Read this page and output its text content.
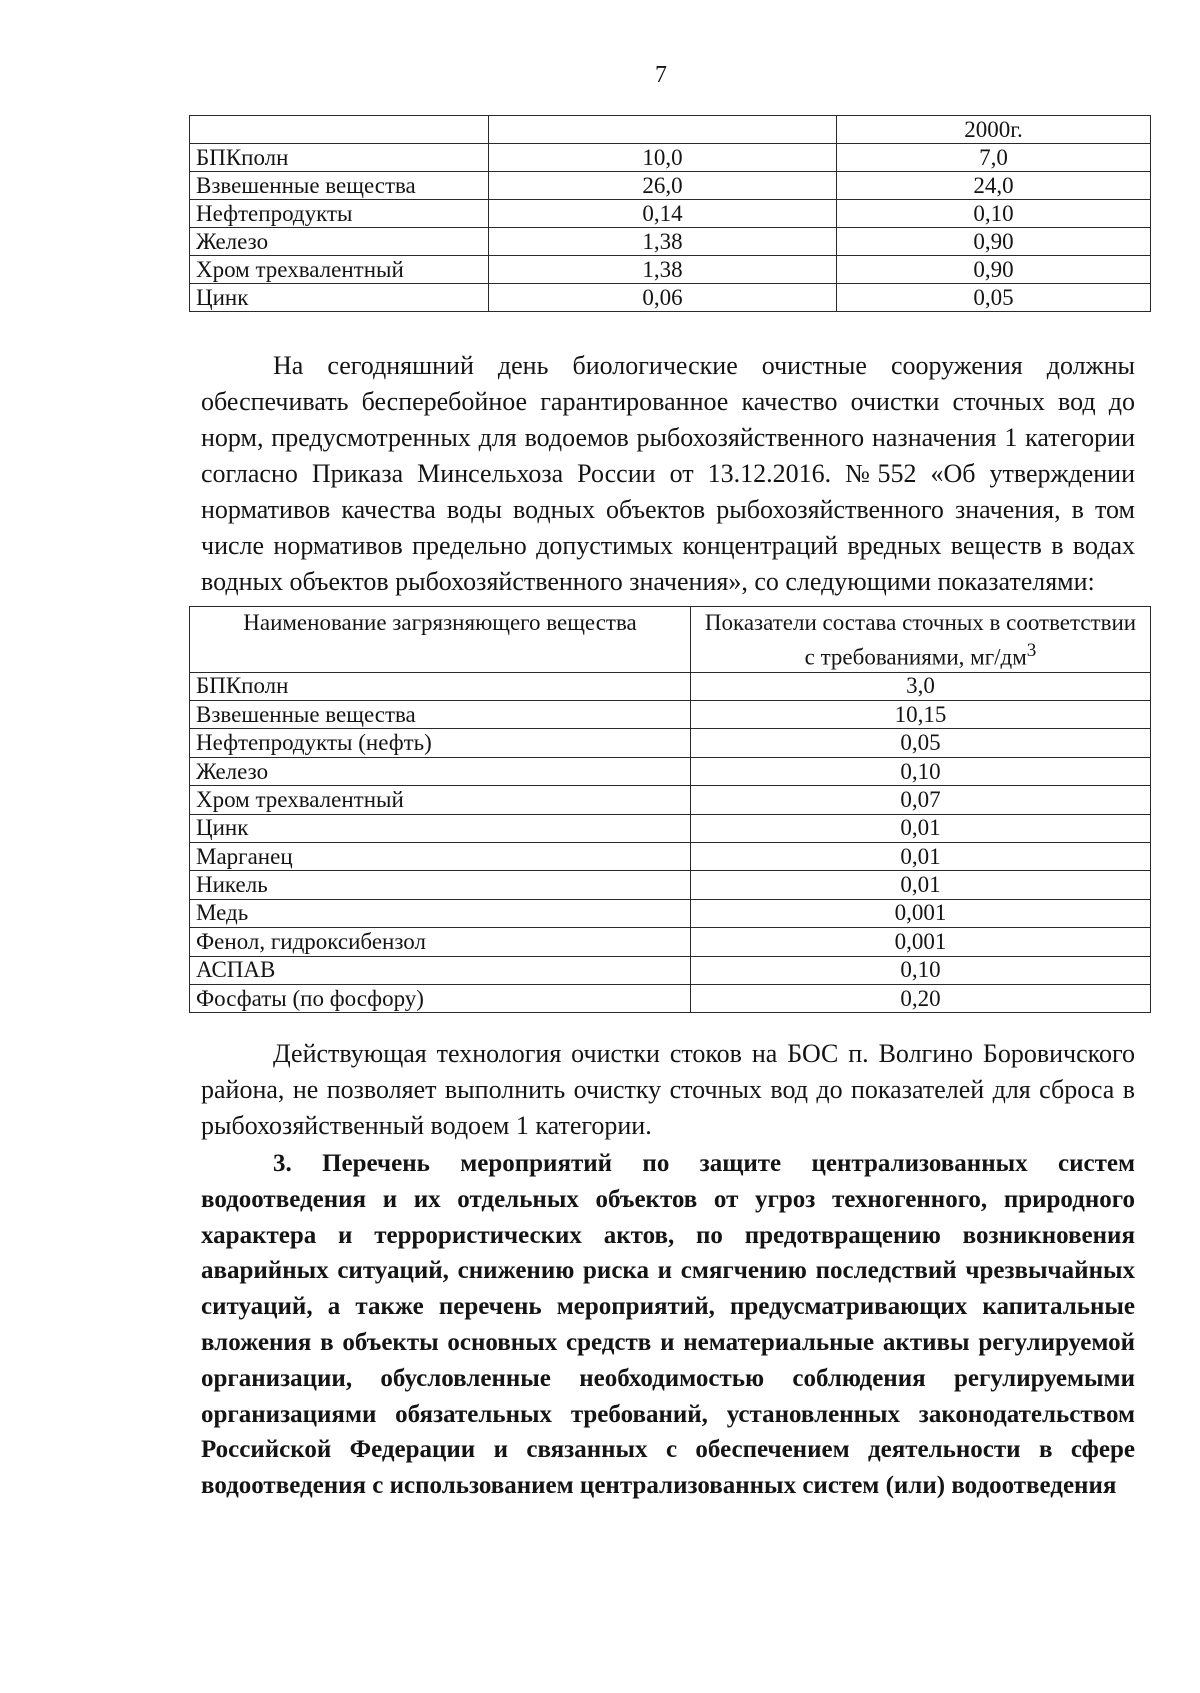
7
		2000г.
БПКполн	10,0	7,0
Взвешенные вещества	26,0	24,0
Нефтепродукты	0,14	0,10
Железо	1,38	0,90
Хром трехвалентный	1,38	0,90
Цинк	0,06	0,05

На сегодняшний день биологические очистные сооружения должны обеспечивать бесперебойное гарантированное качество очистки сточных вод до норм, предусмотренных для водоемов рыбохозяйственного назначения 1 категории согласно Приказа Минсельхоза России от 13.12.2016. №552 «Об утверждении нормативов качества воды водных объектов рыбохозяйственного значения, в том числе нормативов предельно допустимых концентраций вредных веществ в водах водных объектов рыбохозяйственного значения», со следующими показателями:

Наименование загрязняющего вещества	Показатели состава сточных в соответствии с требованиями, $мг/дм^3$
БПКполн	3,0
Взвешенные вещества	10,15
Нефтепродукты (нефть)	0,05
Железо	0,10
Хром трехвалентный	0,07
Цинк	0,01
Марганец	0,01
Никель	0,01
Медь	0,001
Фенол, гидроксибензол	0,001
АСПАВ	0,10
Фосфаты (по фосфору)	0,20

Действующая технология очистки стоков на БОС п. Волгино Боровичского района, не позволяет выполнить очистку сточных вод до показателей для сброса в рыбохозяйственный водоем 1 категории.

3. Перечень мероприятий по защите централизованных систем водоотведения и их отдельных объектов от угроз техногенного, природного характера и террористических актов, по предотвращению возникновения аварийных ситуаций, снижению риска и смягчению последствий чрезвычайных ситуаций, а также перечень мероприятий, предусматривающих капитальные вложения в объекты основных средств и нематериальные активы регулируемой организации, обусловленные необходимостью соблюдения регулируемыми организациями обязательных требований, установленных законодательством Российской Федерации и связанных с обеспечением деятельности в сфере водоотведения с использованием централизованных систем (или) водоотведения
